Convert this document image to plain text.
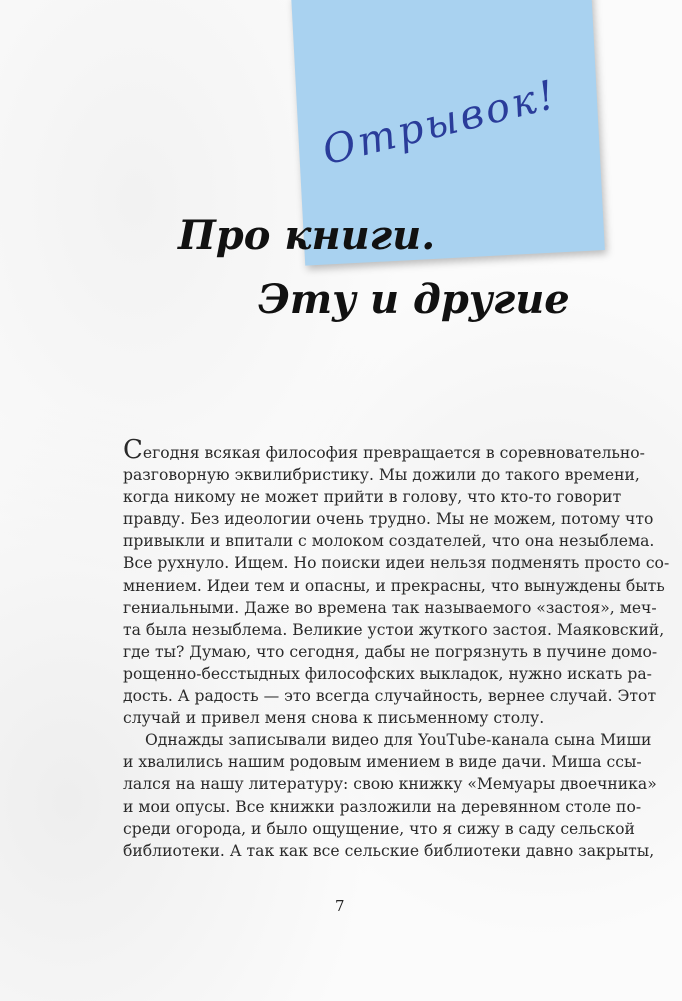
Отрывок!
Про книги.
Эту и другие
Сегодня всякая философия превращается в соревновательно-
разговорную эквилибристику. Мы дожили до такого времени,
когда никому не может прийти в голову, что кто-то говорит
правду. Без идеологии очень трудно. Мы не можем, потому что
привыкли и впитали с молоком создателей, что она незыблема.
Все рухнуло. Ищем. Но поиски идеи нельзя подменять просто со-
мнением. Идеи тем и опасны, и прекрасны, что вынуждены быть
гениальными. Даже во времена так называемого «застоя», меч-
та была незыблема. Великие устои жуткого застоя. Маяковский,
где ты? Думаю, что сегодня, дабы не погрязнуть в пучине домо-
рощенно-бесстыдных философских выкладок, нужно искать ра-
дость. А радость — это всегда случайность, вернее случай. Этот
случай и привел меня снова к письменному столу.
Однажды записывали видео для YouTube-канала сына Миши
и хвалились нашим родовым имением в виде дачи. Миша ссы-
лался на нашу литературу: свою книжку «Мемуары двоечника»
и мои опусы. Все книжки разложили на деревянном столе по-
среди огорода, и было ощущение, что я сижу в саду сельской
библиотеки. А так как все сельские библиотеки давно закрыты,
7
